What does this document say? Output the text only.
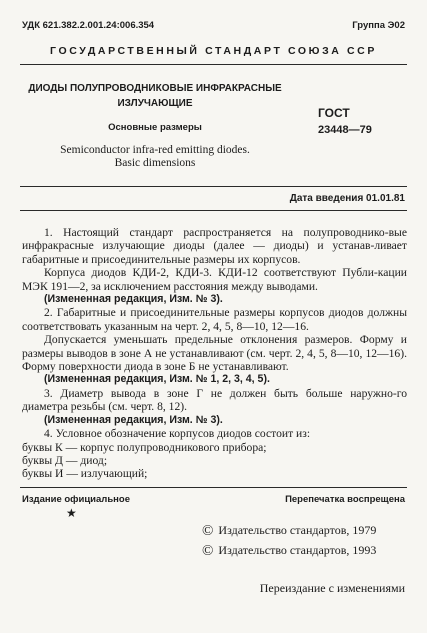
УДК 621.382.2.001.24:006.354	Группа Э02
ГОСУДАРСТВЕННЫЙ СТАНДАРТ СОЮЗА ССР
ДИОДЫ ПОЛУПРОВОДНИКОВЫЕ ИНФРАКРАСНЫЕ
ИЗЛУЧАЮЩИЕ
Основные размеры
Semiconductor infra-red emitting diodes.
Basic dimensions
ГОСТ
23448—79
Дата введения 01.01.81

1. Настоящий стандарт распространяется на полупроводнико-вые инфракрасные излучающие диоды (далее — диоды) и устанав-ливает габаритные и присоединительные размеры их корпусов.

Корпуса диодов КДИ-2, КДИ-3. КДИ-12 соответствуют Публи-кации МЭК 191—2, за исключением расстояния между выводами.

(Измененная редакция, Изм. № 3).

2. Габаритные и присоединительные размеры корпусов диодов должны соответствовать указанным на черт. 2, 4, 5, 8—10, 12—16.

Допускается уменьшать предельные отклонения размеров. Форму и размеры выводов в зоне А не устанавливают (см. черт. 2, 4, 5, 8—10, 12—16). Форму поверхности диода в зоне Б не устанавливают.

(Измененная редакция, Изм. № 1, 2, 3, 4, 5).

3. Диаметр вывода в зоне Г не должен быть больше наружно-го диаметра резьбы (см. черт. 8, 12).

(Измененная редакция, Изм. № 3).

4. Условное обозначение корпусов диодов состоит из:

буквы К — корпус полупроводникового прибора;

буквы Д — диод;

буквы И — излучающий;

Издание официальное	Перепечатка воспрещена
★
© Издательство стандартов, 1979
© Издательство стандартов, 1993
Переиздание с изменениями
